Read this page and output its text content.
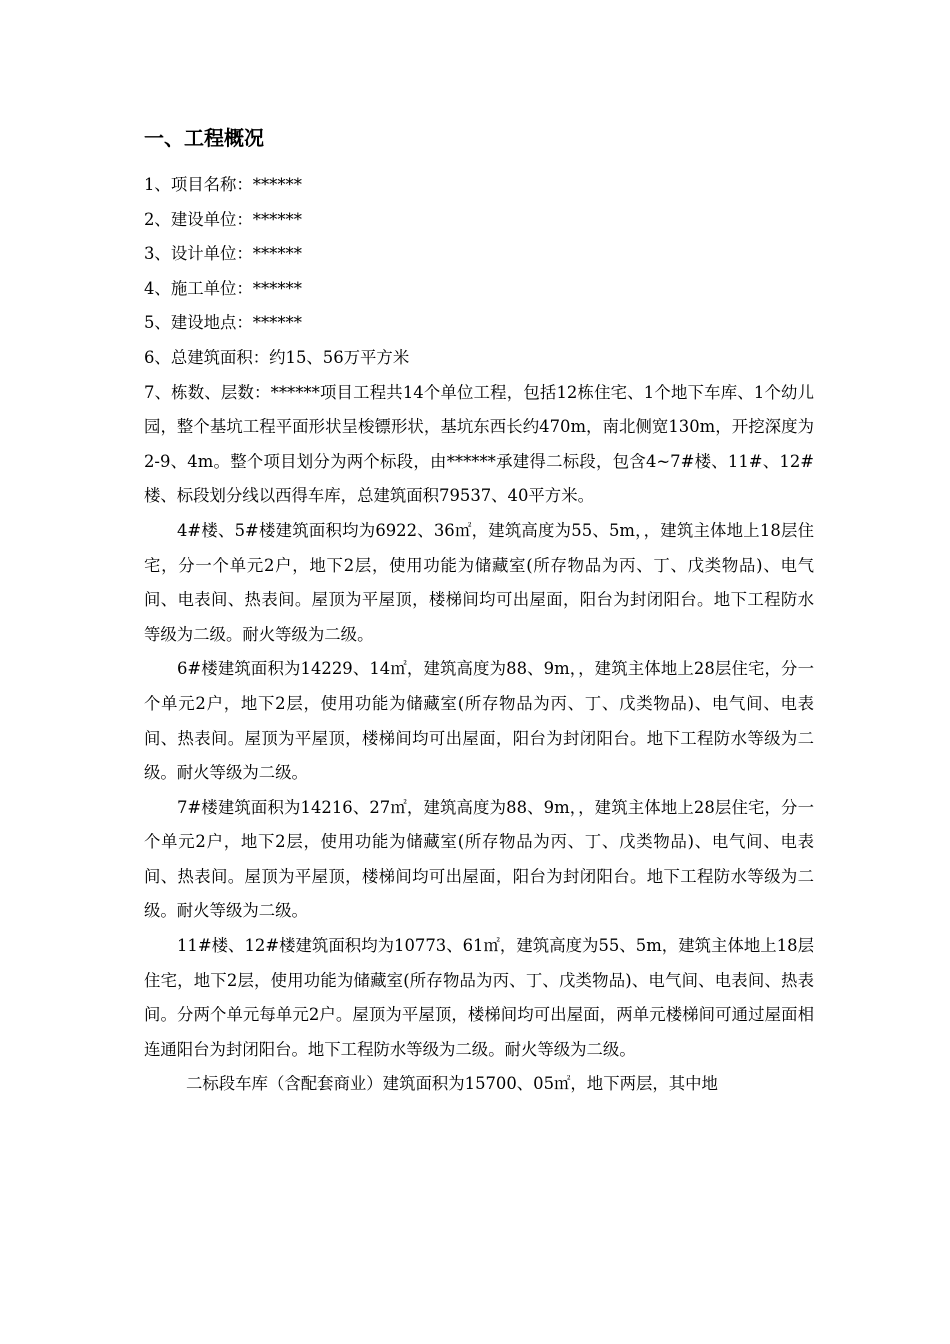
一、工程概况

1、项目名称：******

2、建设单位：******

3、设计单位：******

4、施工单位：******

5、建设地点：******

6、总建筑面积：约15、56万平方米

7、栋数、层数：******项目工程共14个单位工程，包括12栋住宅、1个地下车库、1个幼儿园，整个基坑工程平面形状呈梭镖形状，基坑东西长约470m，南北侧宽130m，开挖深度为2-9、4m。整个项目划分为两个标段，由******承建得二标段，包含4~7#楼、11#、12#楼、标段划分线以西得车库，总建筑面积79537、40平方米。

4#楼、5#楼建筑面积均为6922、36㎡，建筑高度为55、5m，，建筑主体地上18层住宅，分一个单元2户，地下2层，使用功能为储藏室(所存物品为丙、丁、戊类物品)、电气间、电表间、热表间。屋顶为平屋顶，楼梯间均可出屋面，阳台为封闭阳台。地下工程防水等级为二级。耐火等级为二级。

6#楼建筑面积为14229、14㎡，建筑高度为88、9m，，建筑主体地上28层住宅，分一个单元2户，地下2层，使用功能为储藏室(所存物品为丙、丁、戊类物品)、电气间、电表间、热表间。屋顶为平屋顶，楼梯间均可出屋面，阳台为封闭阳台。地下工程防水等级为二级。耐火等级为二级。

7#楼建筑面积为14216、27㎡，建筑高度为88、9m，，建筑主体地上28层住宅，分一个单元2户，地下2层，使用功能为储藏室(所存物品为丙、丁、戊类物品)、电气间、电表间、热表间。屋顶为平屋顶，楼梯间均可出屋面，阳台为封闭阳台。地下工程防水等级为二级。耐火等级为二级。

11#楼、12#楼建筑面积均为10773、61㎡，建筑高度为55、5m，建筑主体地上18层住宅，地下2层，使用功能为储藏室(所存物品为丙、丁、戊类物品)、电气间、电表间、热表间。分两个单元每单元2户。屋顶为平屋顶，楼梯间均可出屋面，两单元楼梯间可通过屋面相连通阳台为封闭阳台。地下工程防水等级为二级。耐火等级为二级。

二标段车库（含配套商业）建筑面积为15700、05㎡，地下两层，其中地
